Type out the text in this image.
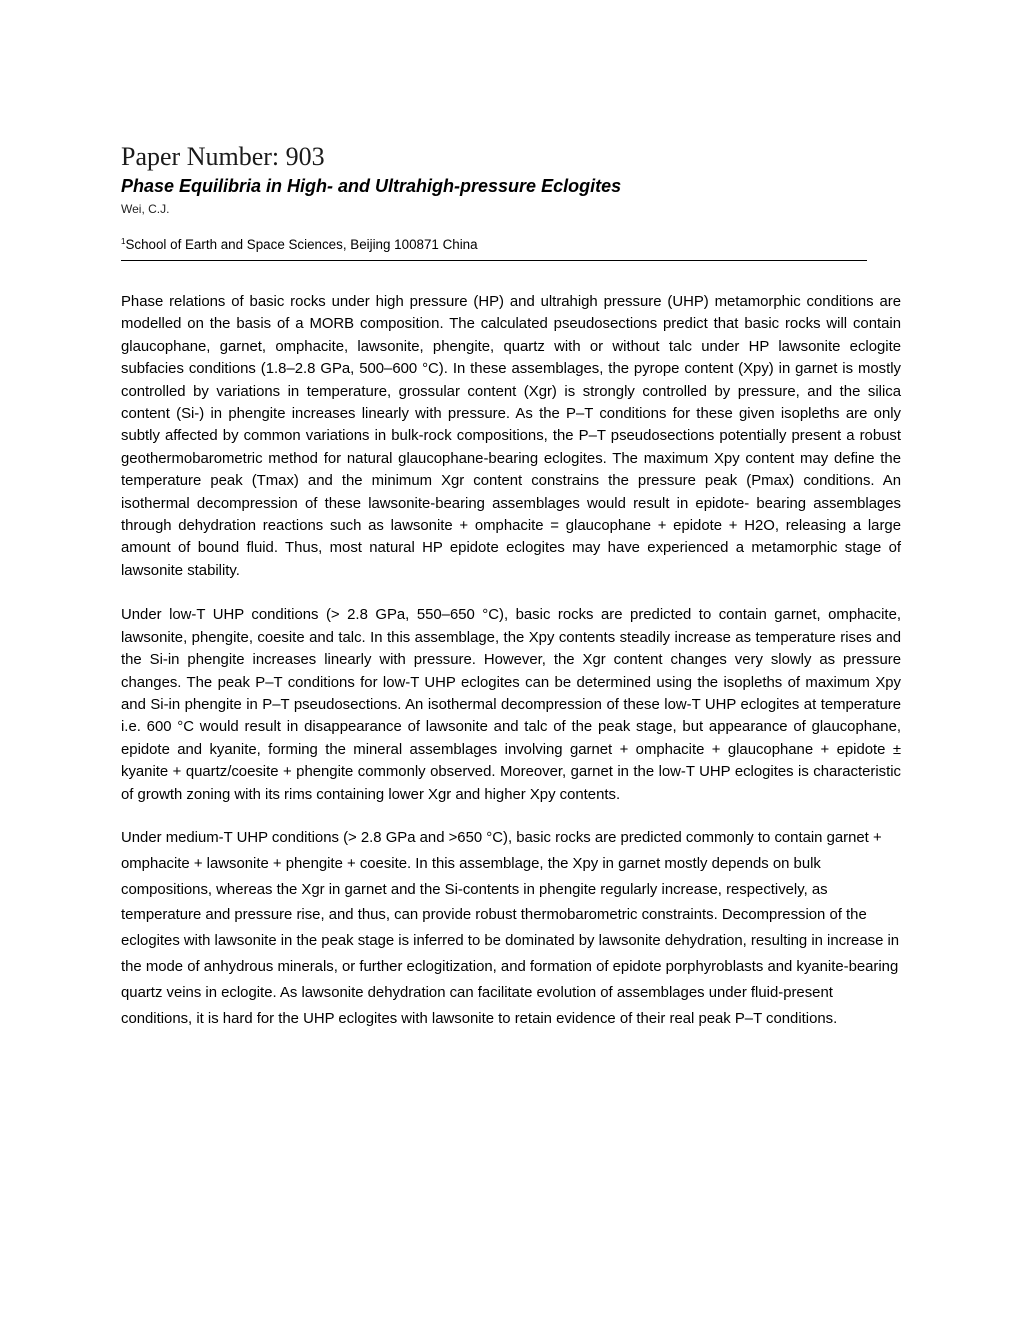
Paper Number: 903
Phase Equilibria in High- and Ultrahigh-pressure Eclogites

Wei, C.J.

$^1$School of Earth and Space Sciences, Beijing 100871 China

Phase relations of basic rocks under high pressure (HP) and ultrahigh pressure (UHP) metamorphic conditions are modelled on the basis of a MORB composition. The calculated pseudosections predict that basic rocks will contain glaucophane, garnet, omphacite, lawsonite, phengite, quartz with or without talc under HP lawsonite eclogite subfacies conditions (1.8–2.8 GPa, 500–600 °C). In these assemblages, the pyrope content (Xpy) in garnet is mostly controlled by variations in temperature, grossular content (Xgr) is strongly controlled by pressure, and the silica content (Si-) in phengite increases linearly with pressure. As the P–T conditions for these given isopleths are only subtly affected by common variations in bulk-rock compositions, the P–T pseudosections potentially present a robust geothermobarometric method for natural glaucophane-bearing eclogites. The maximum Xpy content may define the temperature peak (Tmax) and the minimum Xgr content constrains the pressure peak (Pmax) conditions. An isothermal decompression of these lawsonite-bearing assemblages would result in epidote- bearing assemblages through dehydration reactions such as lawsonite + omphacite = glaucophane + epidote + H2O, releasing a large amount of bound fluid. Thus, most natural HP epidote eclogites may have experienced a metamorphic stage of lawsonite stability.

Under low-T UHP conditions (> 2.8 GPa, 550–650 °C), basic rocks are predicted to contain garnet, omphacite, lawsonite, phengite, coesite and talc. In this assemblage, the Xpy contents steadily increase as temperature rises and the Si-in phengite increases linearly with pressure. However, the Xgr content changes very slowly as pressure changes. The peak P–T conditions for low-T UHP eclogites can be determined using the isopleths of maximum Xpy and Si-in phengite in P–T pseudosections. An isothermal decompression of these low-T UHP eclogites at temperature i.e. 600 °C would result in disappearance of lawsonite and talc of the peak stage, but appearance of glaucophane, epidote and kyanite, forming the mineral assemblages involving garnet + omphacite + glaucophane + epidote ± kyanite + quartz/coesite + phengite commonly observed. Moreover, garnet in the low-T UHP eclogites is characteristic of growth zoning with its rims containing lower Xgr and higher Xpy contents.

Under medium-T UHP conditions (> 2.8 GPa and >650 °C), basic rocks are predicted commonly to contain garnet + omphacite + lawsonite + phengite + coesite. In this assemblage, the Xpy in garnet mostly depends on bulk compositions, whereas the Xgr in garnet and the Si-contents in phengite regularly increase, respectively, as temperature and pressure rise, and thus, can provide robust thermobarometric constraints. Decompression of the eclogites with lawsonite in the peak stage is inferred to be dominated by lawsonite dehydration, resulting in increase in the mode of anhydrous minerals, or further eclogitization, and formation of epidote porphyroblasts and kyanite-bearing quartz veins in eclogite. As lawsonite dehydration can facilitate evolution of assemblages under fluid-present conditions, it is hard for the UHP eclogites with lawsonite to retain evidence of their real peak P–T conditions.
